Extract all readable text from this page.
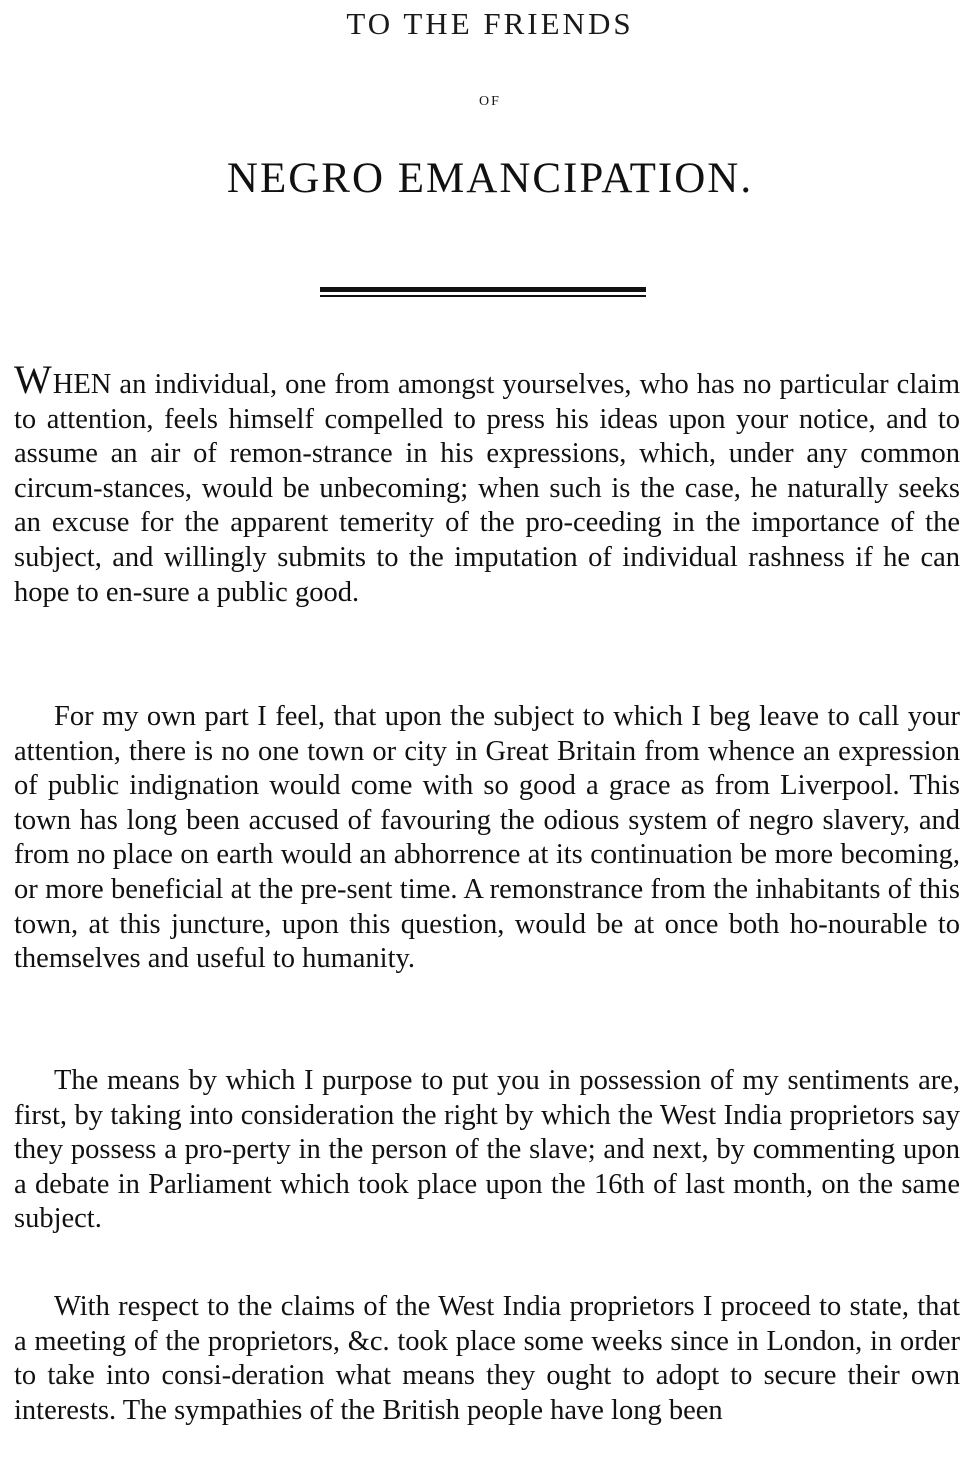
TO THE FRIENDS
OF
NEGRO EMANCIPATION.

WHEN an individual, one from amongst yourselves, who has no particular claim to attention, feels himself compelled to press his ideas upon your notice, and to assume an air of remon-strance in his expressions, which, under any common circum-stances, would be unbecoming; when such is the case, he naturally seeks an excuse for the apparent temerity of the pro-ceeding in the importance of the subject, and willingly submits to the imputation of individual rashness if he can hope to en-sure a public good.

For my own part I feel, that upon the subject to which I beg leave to call your attention, there is no one town or city in Great Britain from whence an expression of public indignation would come with so good a grace as from Liverpool. This town has long been accused of favouring the odious system of negro slavery, and from no place on earth would an abhorrence at its continuation be more becoming, or more beneficial at the pre-sent time. A remonstrance from the inhabitants of this town, at this juncture, upon this question, would be at once both ho-nourable to themselves and useful to humanity.

The means by which I purpose to put you in possession of my sentiments are, first, by taking into consideration the right by which the West India proprietors say they possess a pro-perty in the person of the slave; and next, by commenting upon a debate in Parliament which took place upon the 16th of last month, on the same subject.

With respect to the claims of the West India proprietors I proceed to state, that a meeting of the proprietors, &c. took place some weeks since in London, in order to take into consi-deration what means they ought to adopt to secure their own interests. The sympathies of the British people have long been
